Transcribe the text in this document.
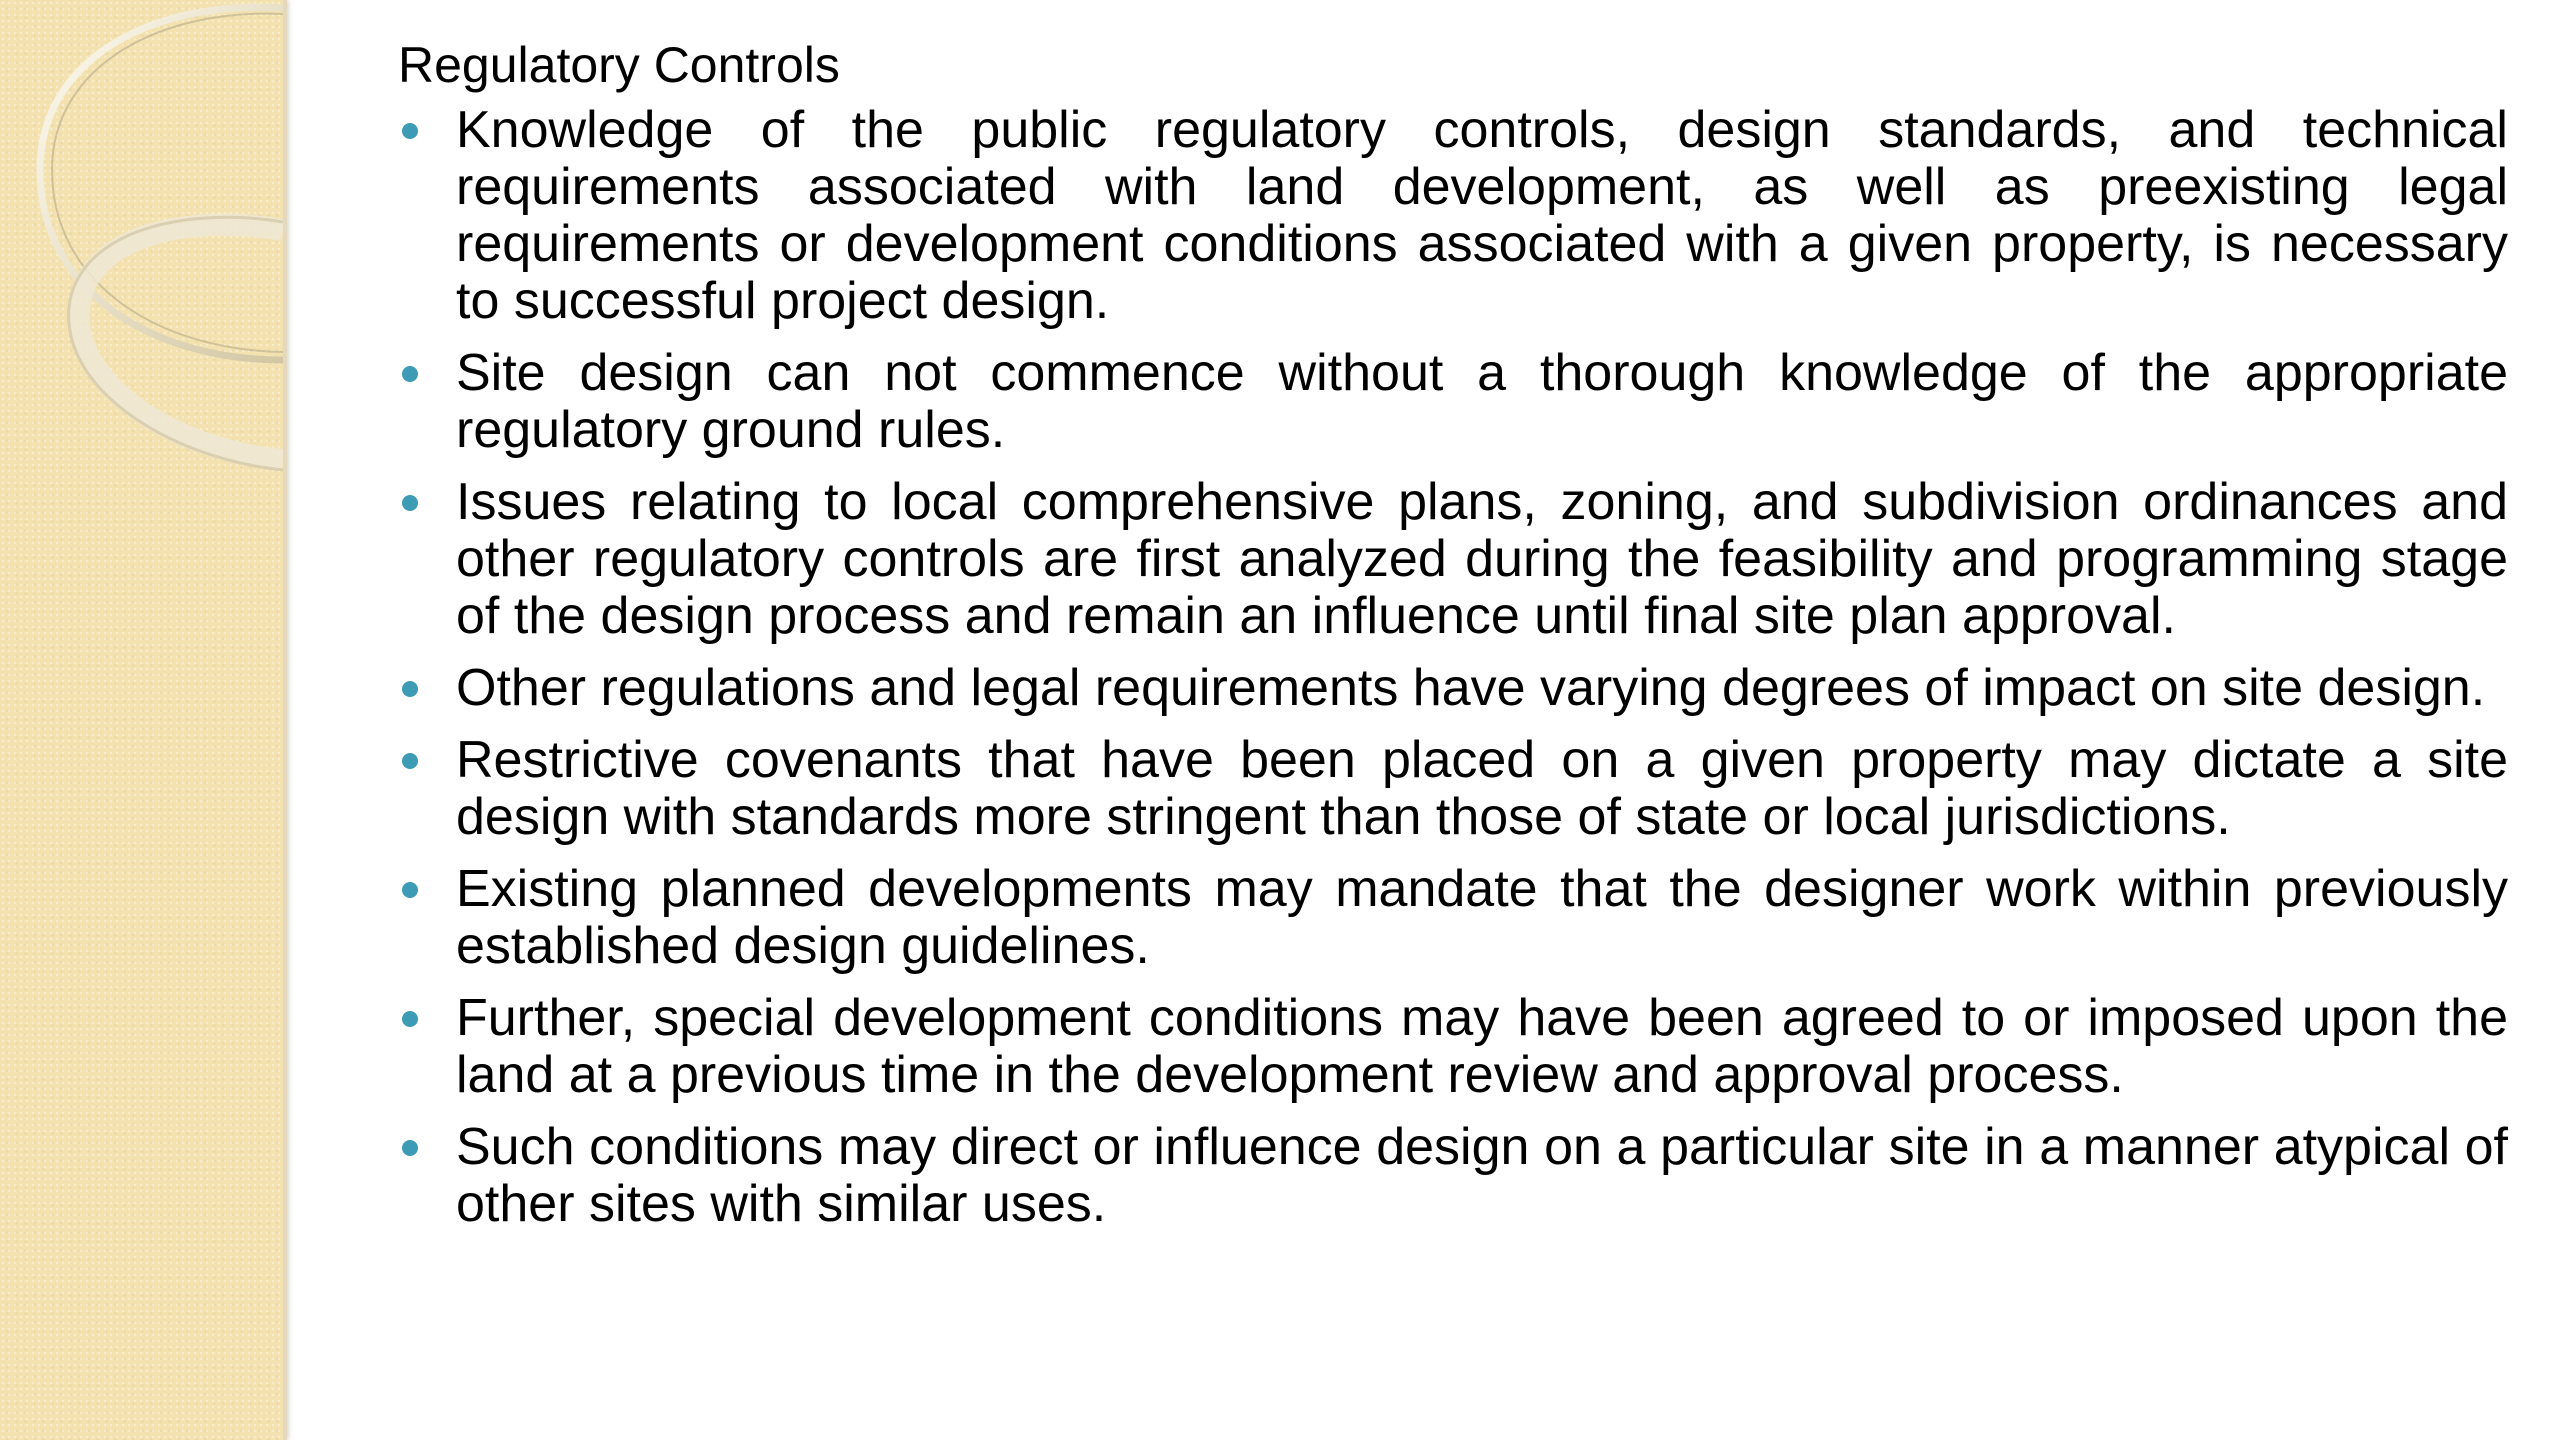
Regulatory Controls
Knowledge of the public regulatory controls, design standards, and technical requirements associated with land development, as well as preexisting legal requirements or development conditions associated with a given property, is necessary to successful project design.
Site design can not commence without a thorough knowledge of the appropriate regulatory ground rules.
Issues relating to local comprehensive plans, zoning, and subdivision ordinances and other regulatory controls are first analyzed during the feasibility and programming stage of the design process and remain an influence until final site plan approval.
Other regulations and legal requirements have varying degrees of impact on site design.
Restrictive covenants that have been placed on a given property may dictate a site design with standards more stringent than those of state or local jurisdictions.
Existing planned developments may mandate that the designer work within previously established design guidelines.
Further, special development conditions may have been agreed to or imposed upon the land at a previous time in the development review and approval process.
Such conditions may direct or influence design on a particular site in a manner atypical of other sites with similar uses.
